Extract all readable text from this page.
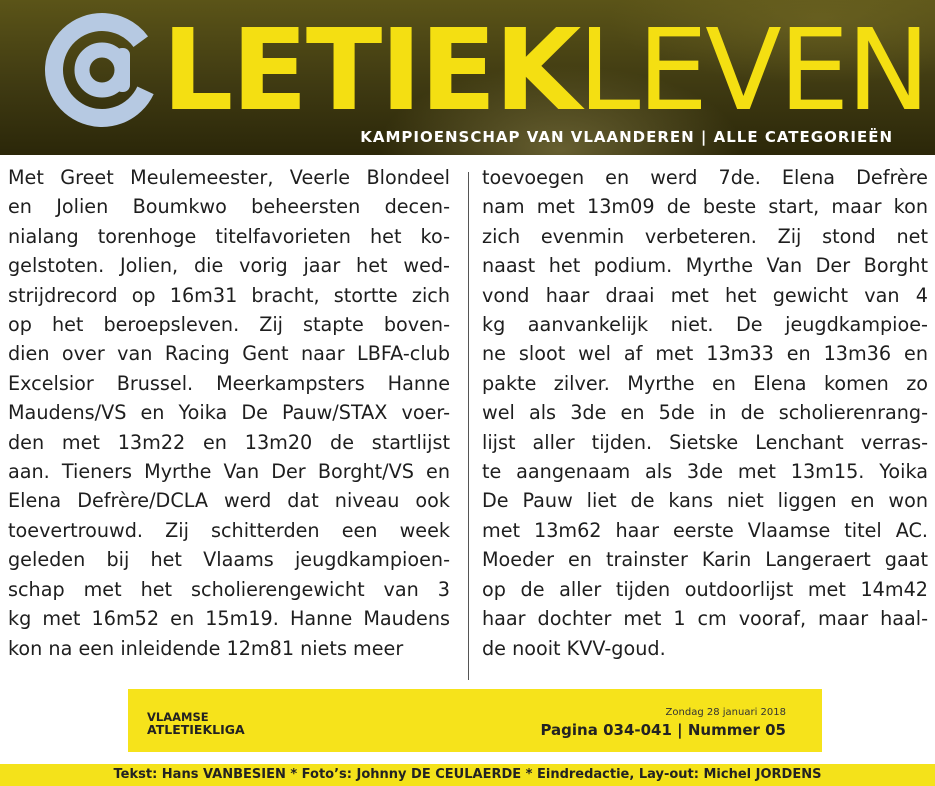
LETIEK
LEVEN
KAMPIOENSCHAP VAN VLAANDEREN | ALLE CATEGORIEËN
Met Greet Meulemeester, Veerle Blondeel
en Jolien Boumkwo beheersten decen-
nialang torenhoge titelfavorieten het ko-
gelstoten. Jolien, die vorig jaar het wed-
strijdrecord op 16m31 bracht, stortte zich
op het beroepsleven. Zij stapte boven-
dien over van Racing Gent naar LBFA-club
Excelsior Brussel. Meerkampsters Hanne
Maudens/VS en Yoika De Pauw/STAX voer-
den met 13m22 en 13m20 de startlijst
aan. Tieners Myrthe Van Der Borght/VS en
Elena Defrère/DCLA werd dat niveau ook
toevertrouwd. Zij schitterden een week
geleden bij het Vlaams jeugdkampioen-
schap met het scholierengewicht van 3
kg met 16m52 en 15m19. Hanne Maudens
kon na een inleidende 12m81 niets meer
toevoegen en werd 7de. Elena Defrère
nam met 13m09 de beste start, maar kon
zich evenmin verbeteren. Zij stond net
naast het podium. Myrthe Van Der Borght
vond haar draai met het gewicht van 4
kg aanvankelijk niet. De jeugdkampioe-
ne sloot wel af met 13m33 en 13m36 en
pakte zilver. Myrthe en Elena komen zo
wel als 3de en 5de in de scholierenrang-
lijst aller tijden. Sietske Lenchant verras-
te aangenaam als 3de met 13m15. Yoika
De Pauw liet de kans niet liggen en won
met 13m62 haar eerste Vlaamse titel AC.
Moeder en trainster Karin Langeraert gaat
op de aller tijden outdoorlijst met 14m42
haar dochter met 1 cm vooraf, maar haal-
de nooit KVV-goud.
VLAAMSE
ATLETIEKLIGA
Zondag 28 januari 2018
Pagina 034-041 | Nummer 05
Tekst: Hans VANBESIEN * Foto’s: Johnny DE CEULAERDE * Eindredactie, Lay-out: Michel JORDENS
